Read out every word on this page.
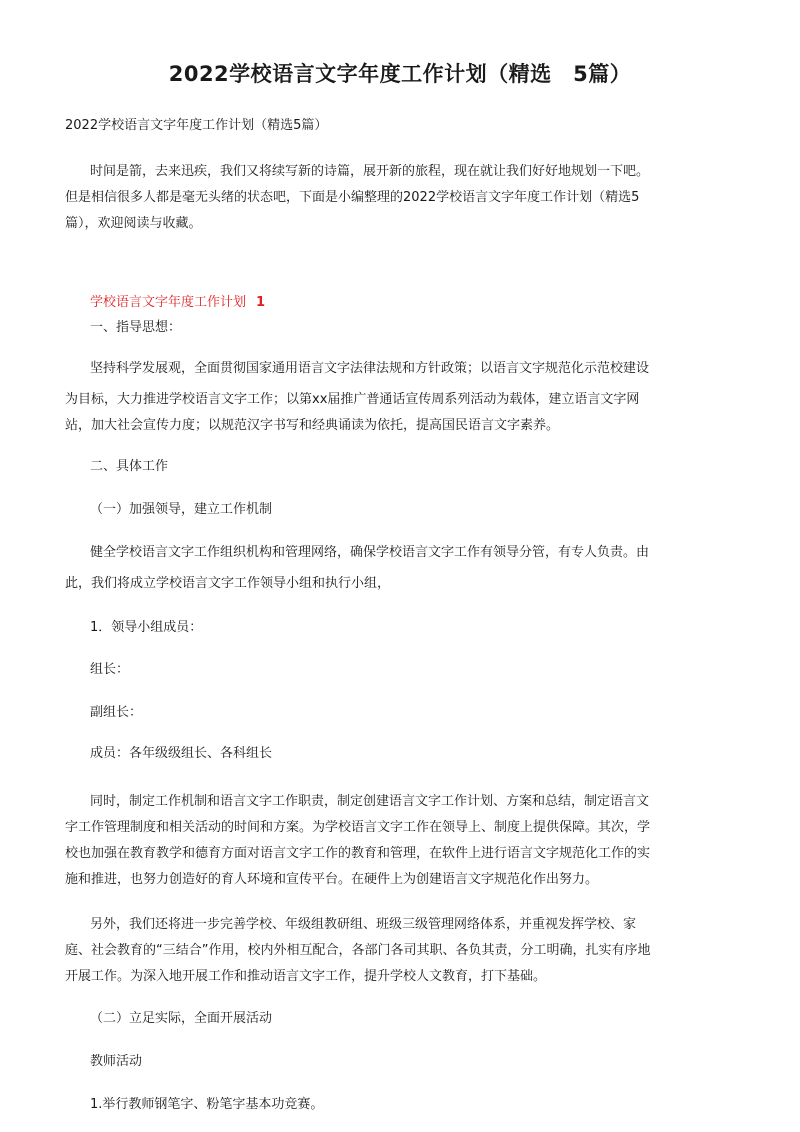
2022学校语言文字年度工作计划（精选　5篇）
2022学校语言文字年度工作计划（精选5篇）
时间是箭，去来迅疾，我们又将续写新的诗篇，展开新的旅程，现在就让我们好好地规划一下吧。
但是相信很多人都是毫无头绪的状态吧，下面是小编整理的2022学校语言文字年度工作计划（精选5
篇），欢迎阅读与收藏。
学校语言文字年度工作计划 1
一、指导思想：
坚持科学发展观，全面贯彻国家通用语言文字法律法规和方针政策；以语言文字规范化示范校建设
为目标，大力推进学校语言文字工作；以第xx届推广普通话宣传周系列活动为载体，建立语言文字网
站，加大社会宣传力度；以规范汉字书写和经典诵读为依托，提高国民语言文字素养。
二、具体工作
（一）加强领导，建立工作机制
健全学校语言文字工作组织机构和管理网络，确保学校语言文字工作有领导分管，有专人负责。由
此，我们将成立学校语言文字工作领导小组和执行小组，
1．领导小组成员：
组长：
副组长：
成员：各年级级组长、各科组长
同时，制定工作机制和语言文字工作职责，制定创建语言文字工作计划、方案和总结，制定语言文
字工作管理制度和相关活动的时间和方案。为学校语言文字工作在领导上、制度上提供保障。其次，学
校也加强在教育教学和德育方面对语言文字工作的教育和管理，在软件上进行语言文字规范化工作的实
施和推进，也努力创造好的育人环境和宣传平台。在硬件上为创建语言文字规范化作出努力。
另外，我们还将进一步完善学校、年级组教研组、班级三级管理网络体系，并重视发挥学校、家
庭、社会教育的“三结合”作用，校内外相互配合，各部门各司其职、各负其责，分工明确，扎实有序地
开展工作。为深入地开展工作和推动语言文字工作，提升学校人文教育，打下基础。
（二）立足实际，全面开展活动
教师活动
1.举行教师钢笔字、粉笔字基本功竞赛。
